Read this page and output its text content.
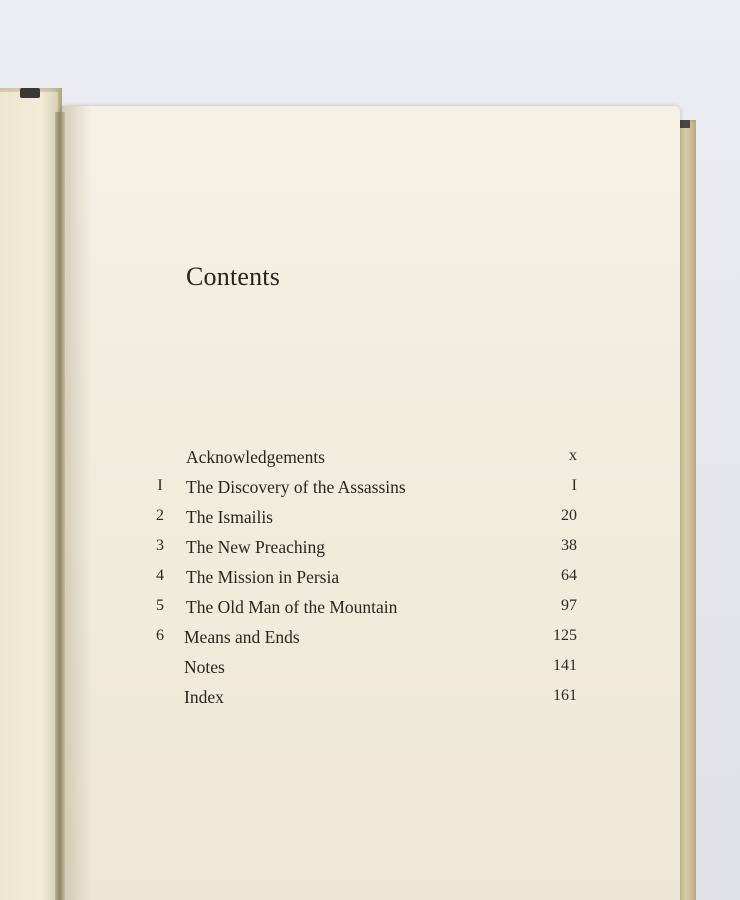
Contents
Acknowledgements	x
I	The Discovery of the Assassins	I
2	The Ismailis	20
3	The New Preaching	38
4	The Mission in Persia	64
5	The Old Man of the Mountain	97
6	Means and Ends	125
Notes	141
Index	161
